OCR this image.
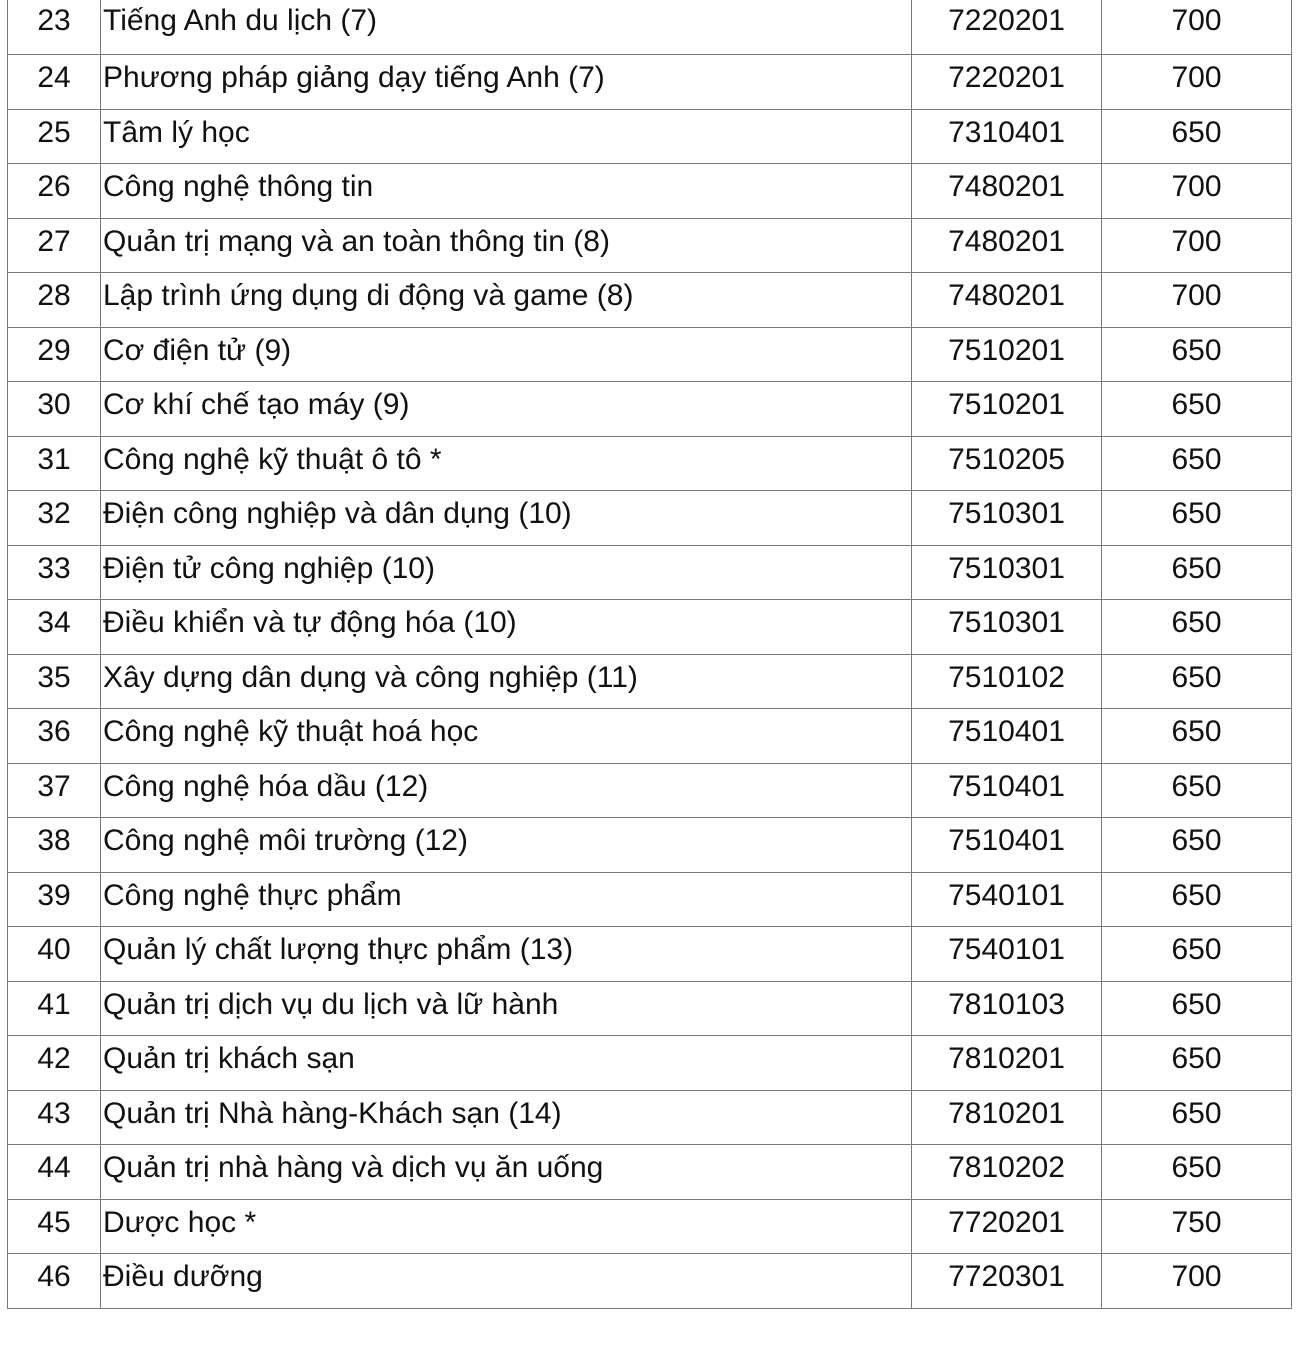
23	Tiếng Anh du lịch (7)	7220201	700
24	Phương pháp giảng dạy tiếng Anh (7)	7220201	700
25	Tâm lý học	7310401	650
26	Công nghệ thông tin	7480201	700
27	Quản trị mạng và an toàn thông tin (8)	7480201	700
28	Lập trình ứng dụng di động và game (8)	7480201	700
29	Cơ điện tử (9)	7510201	650
30	Cơ khí chế tạo máy (9)	7510201	650
31	Công nghệ kỹ thuật ô tô *	7510205	650
32	Điện công nghiệp và dân dụng (10)	7510301	650
33	Điện tử công nghiệp (10)	7510301	650
34	Điều khiển và tự động hóa (10)	7510301	650
35	Xây dựng dân dụng và công nghiệp (11)	7510102	650
36	Công nghệ kỹ thuật hoá học	7510401	650
37	Công nghệ hóa dầu (12)	7510401	650
38	Công nghệ môi trường (12)	7510401	650
39	Công nghệ thực phẩm	7540101	650
40	Quản lý chất lượng thực phẩm (13)	7540101	650
41	Quản trị dịch vụ du lịch và lữ hành	7810103	650
42	Quản trị khách sạn	7810201	650
43	Quản trị Nhà hàng-Khách sạn (14)	7810201	650
44	Quản trị nhà hàng và dịch vụ ăn uống	7810202	650
45	Dược học *	7720201	750
46	Điều dưỡng	7720301	700
